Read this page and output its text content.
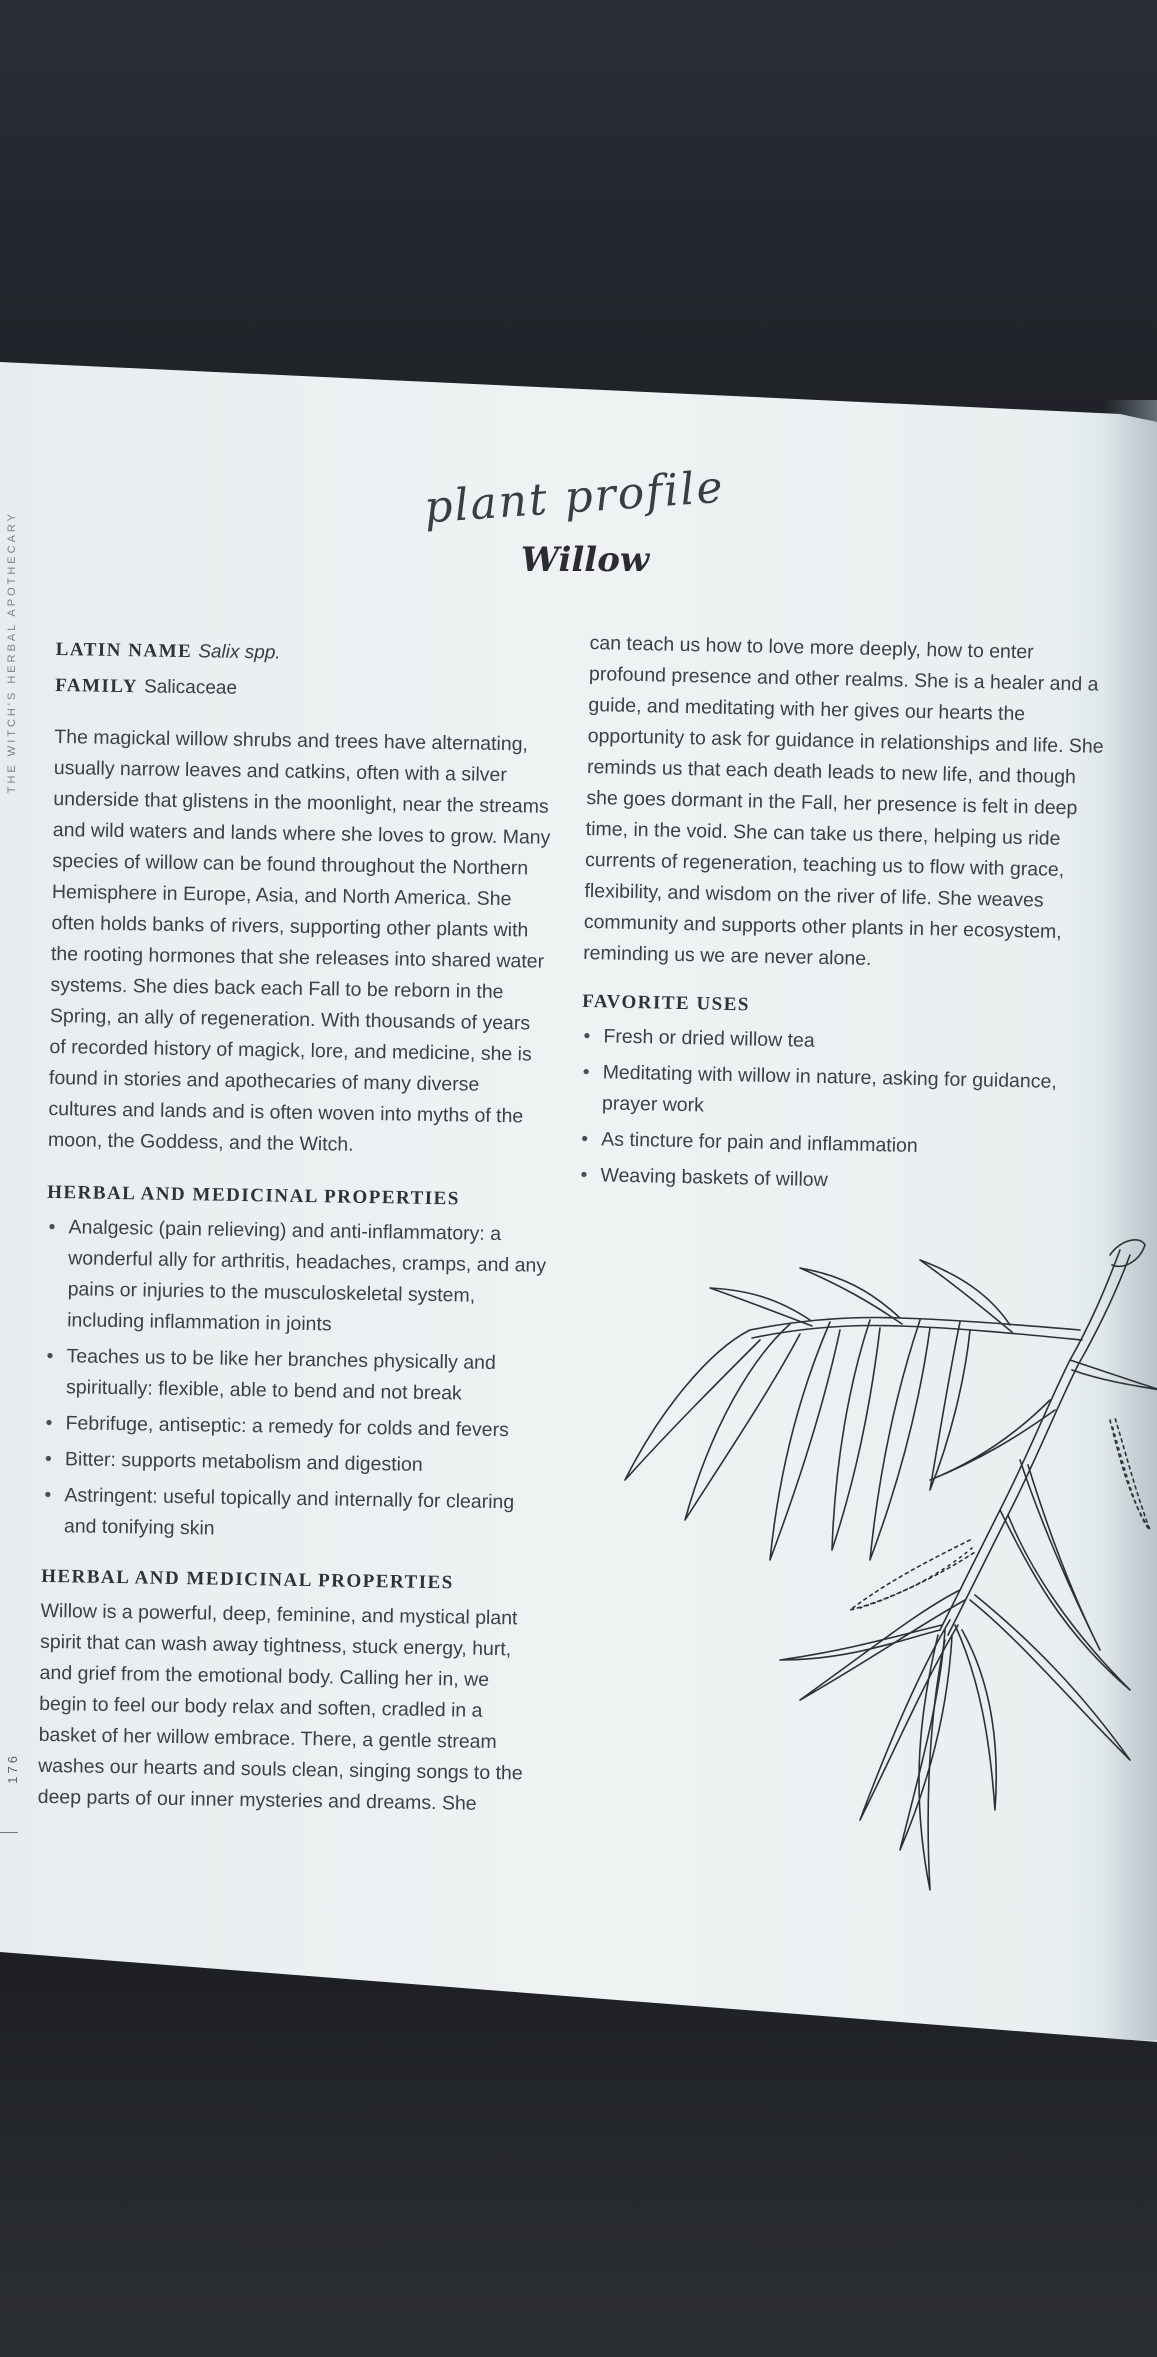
THE WITCH'S HERBAL APOTHECARY
176
plant profile
Willow
LATIN NAME Salix spp.
FAMILY Salicaceae

The magickal willow shrubs and trees have alternating, usually narrow leaves and catkins, often with a silver underside that glistens in the moonlight, near the streams and wild waters and lands where she loves to grow. Many species of willow can be found throughout the Northern Hemisphere in Europe, Asia, and North America. She often holds banks of rivers, supporting other plants with the rooting hormones that she releases into shared water systems. She dies back each Fall to be reborn in the Spring, an ally of regeneration. With thousands of years of recorded history of magick, lore, and medicine, she is found in stories and apothecaries of many diverse cultures and lands and is often woven into myths of the moon, the Goddess, and the Witch.

HERBAL AND MEDICINAL PROPERTIES
• Analgesic (pain relieving) and anti-inflammatory: a wonderful ally for arthritis, headaches, cramps, and any pains or injuries to the musculoskeletal system, including inflammation in joints
• Teaches us to be like her branches physically and spiritually: flexible, able to bend and not break
• Febrifuge, antiseptic: a remedy for colds and fevers
• Bitter: supports metabolism and digestion
• Astringent: useful topically and internally for clearing and tonifying skin
HERBAL AND MEDICINAL PROPERTIES

Willow is a powerful, deep, feminine, and mystical plant spirit that can wash away tightness, stuck energy, hurt, and grief from the emotional body. Calling her in, we begin to feel our body relax and soften, cradled in a basket of her willow embrace. There, a gentle stream washes our hearts and souls clean, singing songs to the deep parts of our inner mysteries and dreams. She

can teach us how to love more deeply, how to enter profound presence and other realms. She is a healer and a guide, and meditating with her gives our hearts the opportunity to ask for guidance in relationships and life. She reminds us that each death leads to new life, and though she goes dormant in the Fall, her presence is felt in deep time, in the void. She can take us there, helping us ride currents of regeneration, teaching us to flow with grace, flexibility, and wisdom on the river of life. She weaves community and supports other plants in her ecosystem, reminding us we are never alone.

FAVORITE USES
• Fresh or dried willow tea
• Meditating with willow in nature, asking for guidance, prayer work
• As tincture for pain and inflammation
• Weaving baskets of willow
